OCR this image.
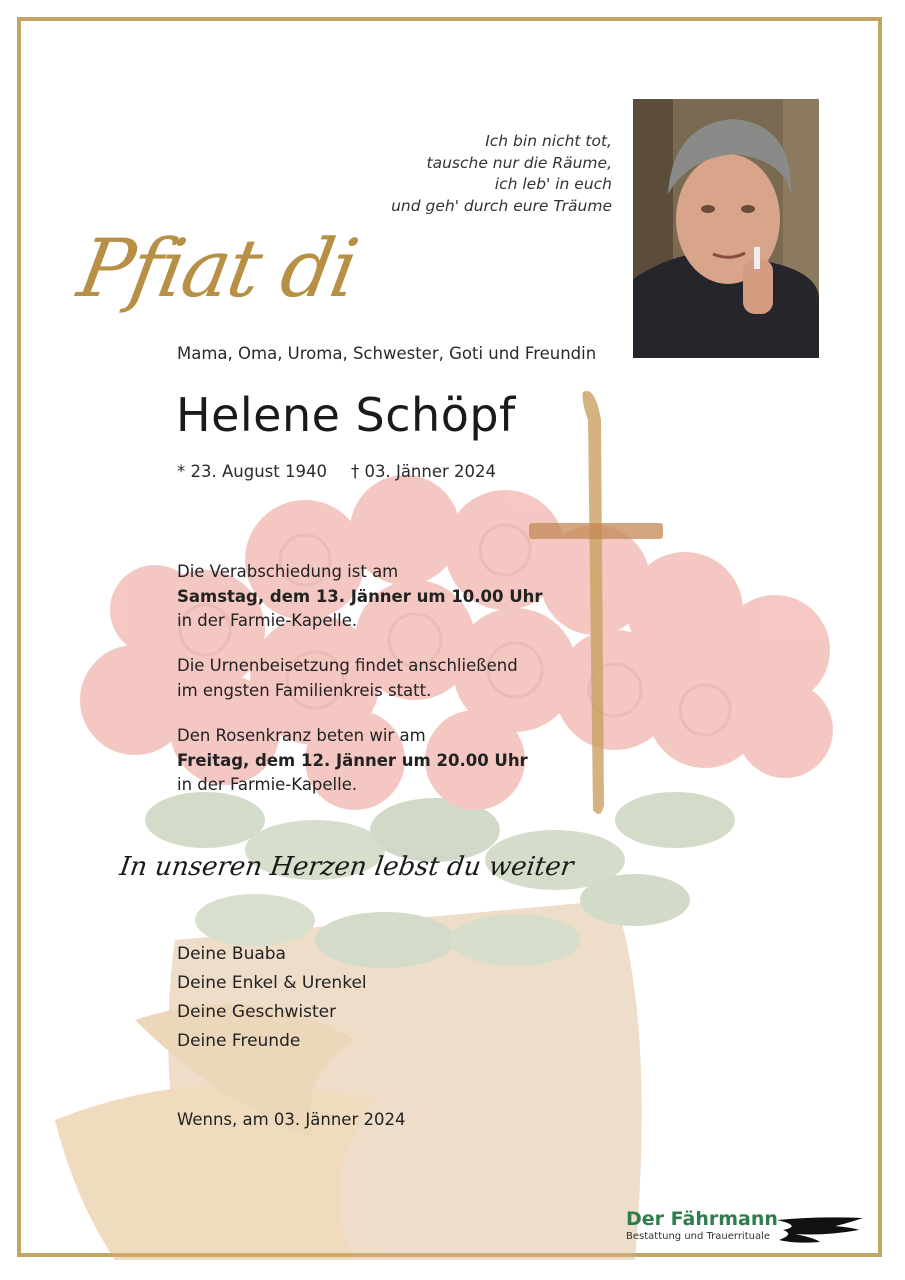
Ich bin nicht tot,
tausche nur die Räume,
ich leb' in euch
und geh' durch eure Träume
Pfiat di
Mama, Oma, Uroma, Schwester, Goti und Freundin
Helene Schöpf
* 23. August 1940 † 03. Jänner 2024
Die Verabschiedung ist am
Samstag, dem 13. Jänner um 10.00 Uhr
in der Farmie-Kapelle.
Die Urnenbeisetzung findet anschließend
im engsten Familienkreis statt.
Den Rosenkranz beten wir am
Freitag, dem 12. Jänner um 20.00 Uhr
in der Farmie-Kapelle.
In unseren Herzen lebst du weiter
Deine Buaba
Deine Enkel & Urenkel
Deine Geschwister
Deine Freunde
Wenns, am 03. Jänner 2024
Der Fährmann
Bestattung und Trauerrituale
